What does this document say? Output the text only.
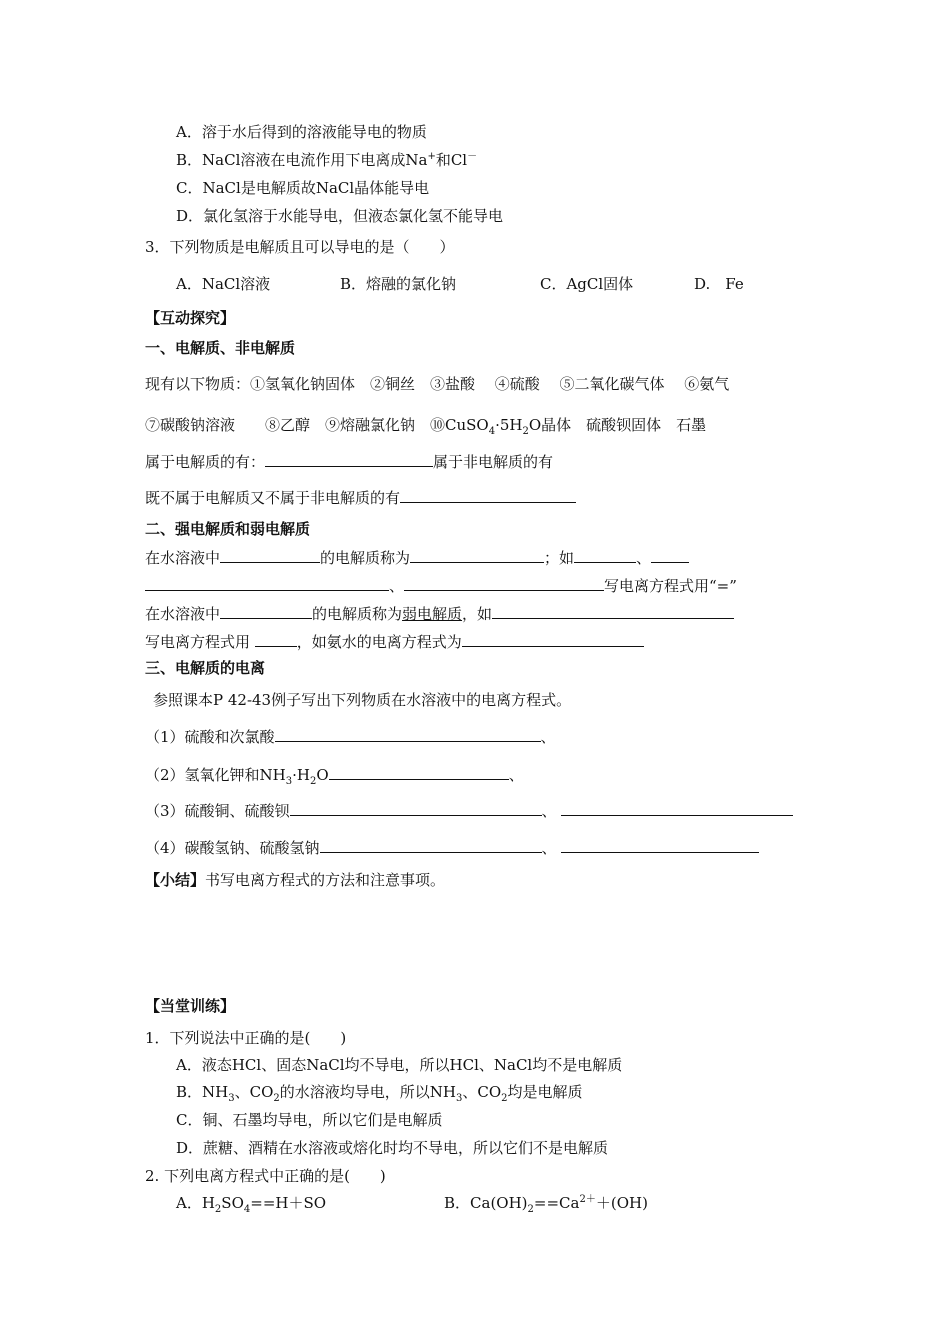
A．溶于水后得到的溶液能导电的物质
B．NaCl溶液在电流作用下电离成Na+和Cl－
C．NaCl是电解质故NaCl晶体能导电
D．氯化氢溶于水能导电，但液态氯化氢不能导电
3．下列物质是电解质且可以导电的是（　　）
A．NaCl溶液	B．熔融的氯化钠	C．AgCl固体	D.　Fe
【互动探究】
一、电解质、非电解质
现有以下物质：①氢氧化钠固体　②铜丝　③盐酸　 ④硫酸　 ⑤二氧化碳气体　 ⑥氨气
⑦碳酸钠溶液　　⑧乙醇　⑨熔融氯化钠　$⑩CuSO_4\cdot 5H_2O$晶体　硫酸钡固体　石墨
属于电解质的有：	属于非电解质的有
既不属于电解质又不属于非电解质的有
二、强电解质和弱电解质
在水溶液中	的电解质称为	；如	、
、	写电离方程式用“=”
在水溶液中	的电解质称为弱电解质，如
写电离方程式用	，如氨水的电离方程式为
三、电解质的电离
参照课本P 42-43例子写出下列物质在水溶液中的电离方程式。
（1）硫酸和次氯酸	、
（2）氢氧化钾和$NH_3\cdot H_2O$	、
（3）硫酸铜、硫酸钡	、
（4）碳酸氢钠、硫酸氢钠	、
【小结】书写电离方程式的方法和注意事项。
【当堂训练】
1．下列说法中正确的是(　　)
A．液态HCl、固态NaCl均不导电，所以HCl、NaCl均不是电解质
B．$NH_3$、$CO_2$的水溶液均导电，所以$NH_3$、$CO_2$均是电解质
C．铜、石墨均导电，所以它们是电解质
D．蔗糖、酒精在水溶液或熔化时均不导电，所以它们不是电解质
2. 下列电离方程式中正确的是(　　)
A．$H_2SO_4==H+SO$	B．$Ca(OH)_2==Ca^{2+}+(OH)$
